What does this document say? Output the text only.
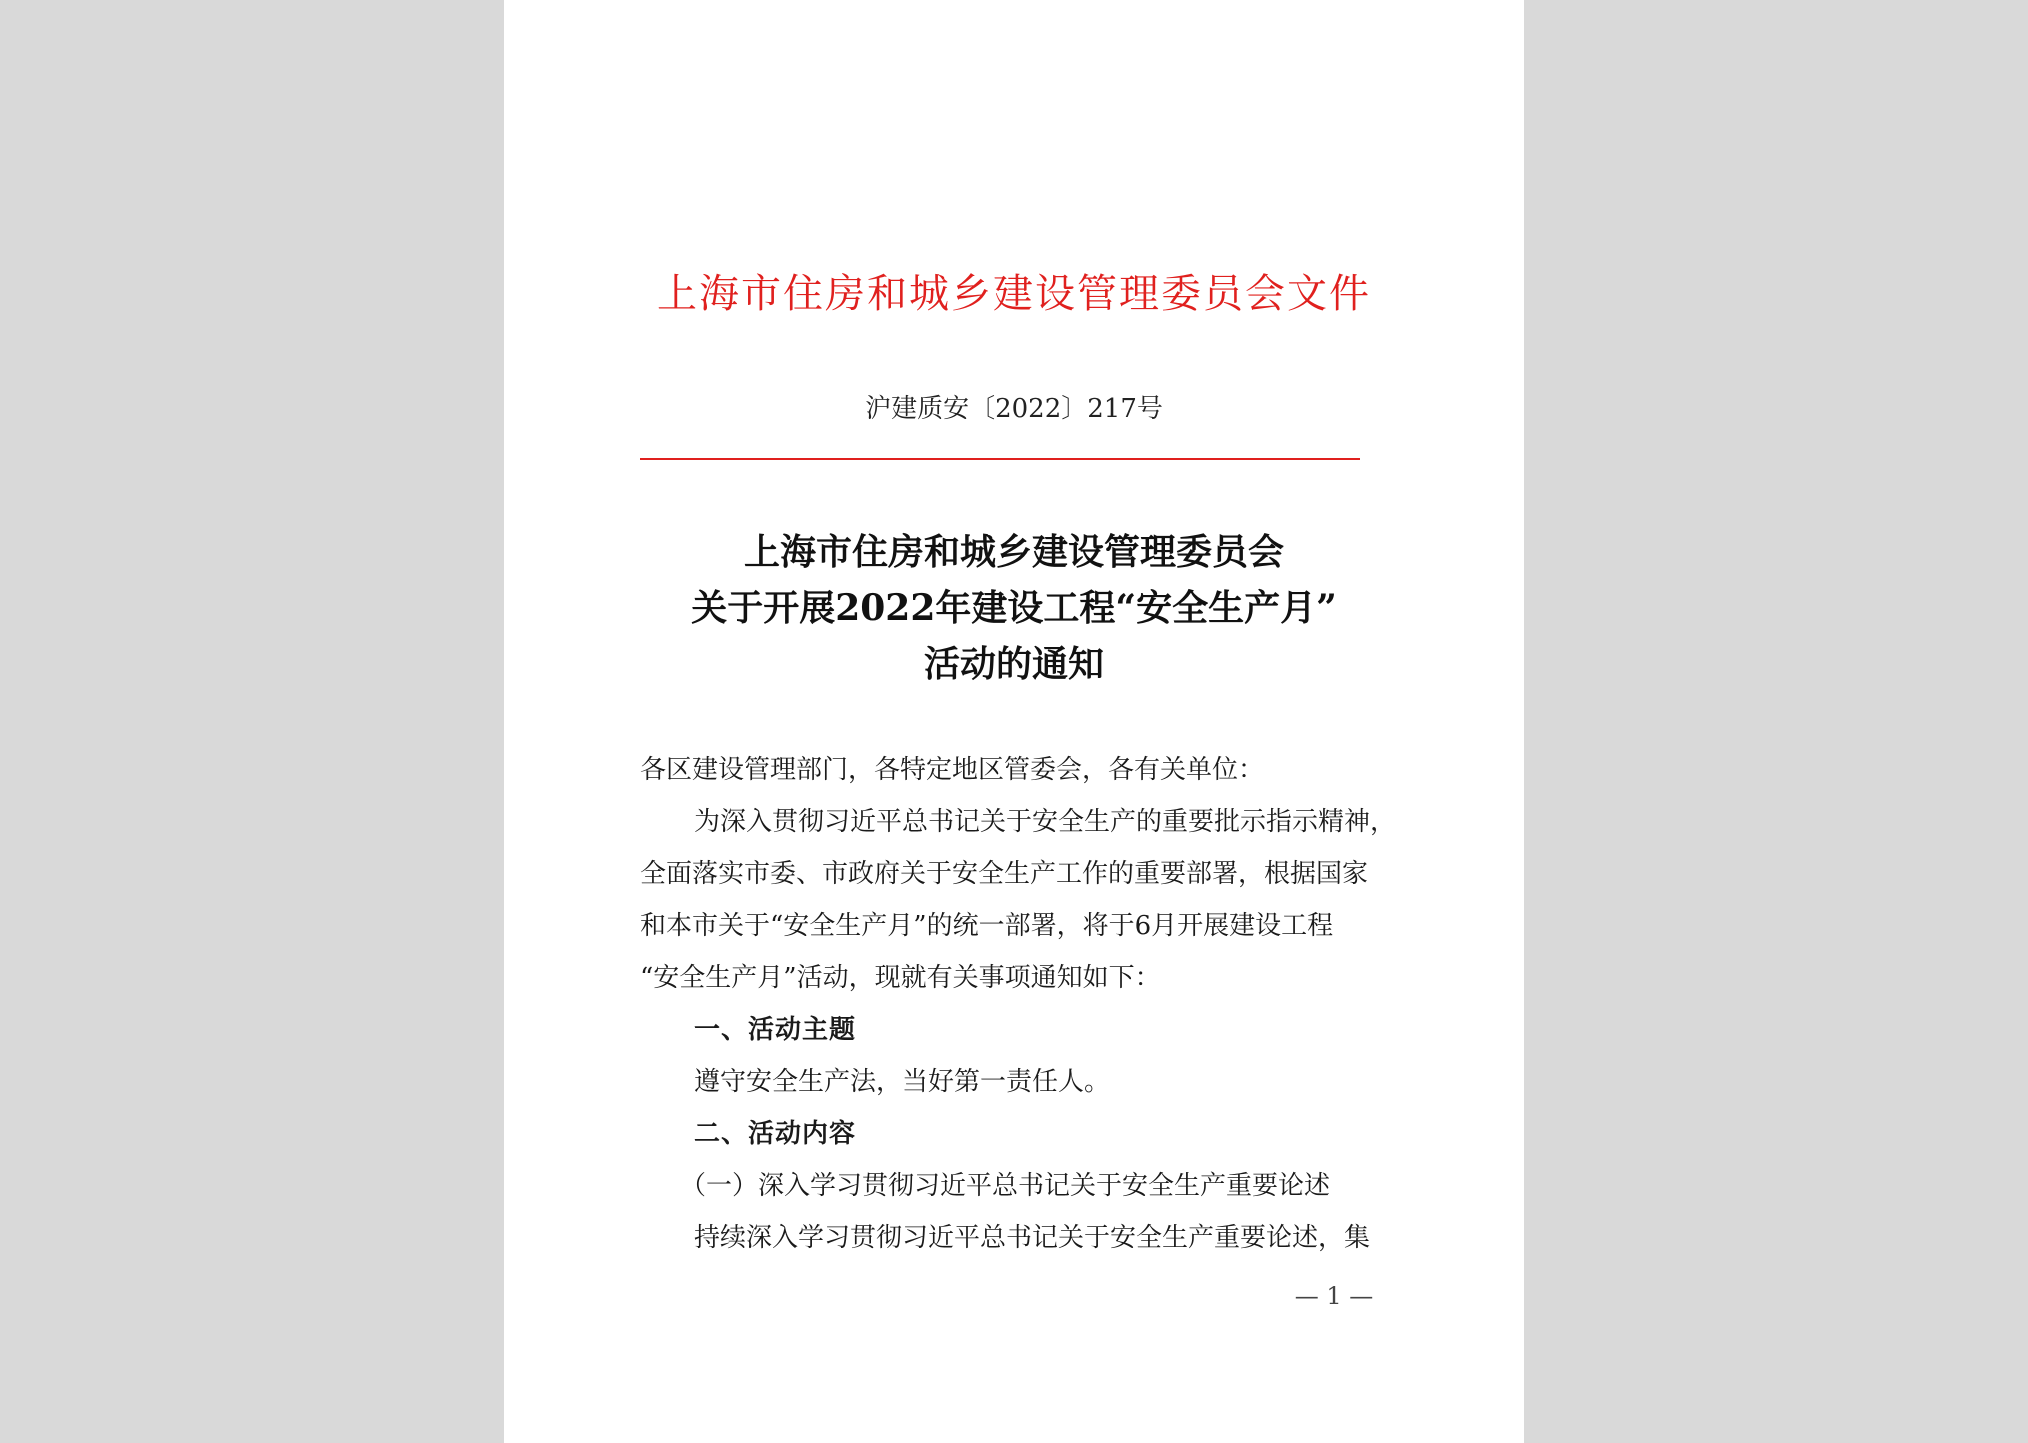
上海市住房和城乡建设管理委员会文件
沪建质安〔2022〕217号
上海市住房和城乡建设管理委员会
关于开展2022年建设工程“安全生产月”
活动的通知

各区建设管理部门，各特定地区管委会，各有关单位：

为深入贯彻习近平总书记关于安全生产的重要批示指示精神，

全面落实市委、市政府关于安全生产工作的重要部署，根据国家

和本市关于“安全生产月”的统一部署，将于6月开展建设工程

“安全生产月”活动，现就有关事项通知如下：

一、活动主题

遵守安全生产法，当好第一责任人。

二、活动内容

（一）深入学习贯彻习近平总书记关于安全生产重要论述

持续深入学习贯彻习近平总书记关于安全生产重要论述，集

— 1 —
